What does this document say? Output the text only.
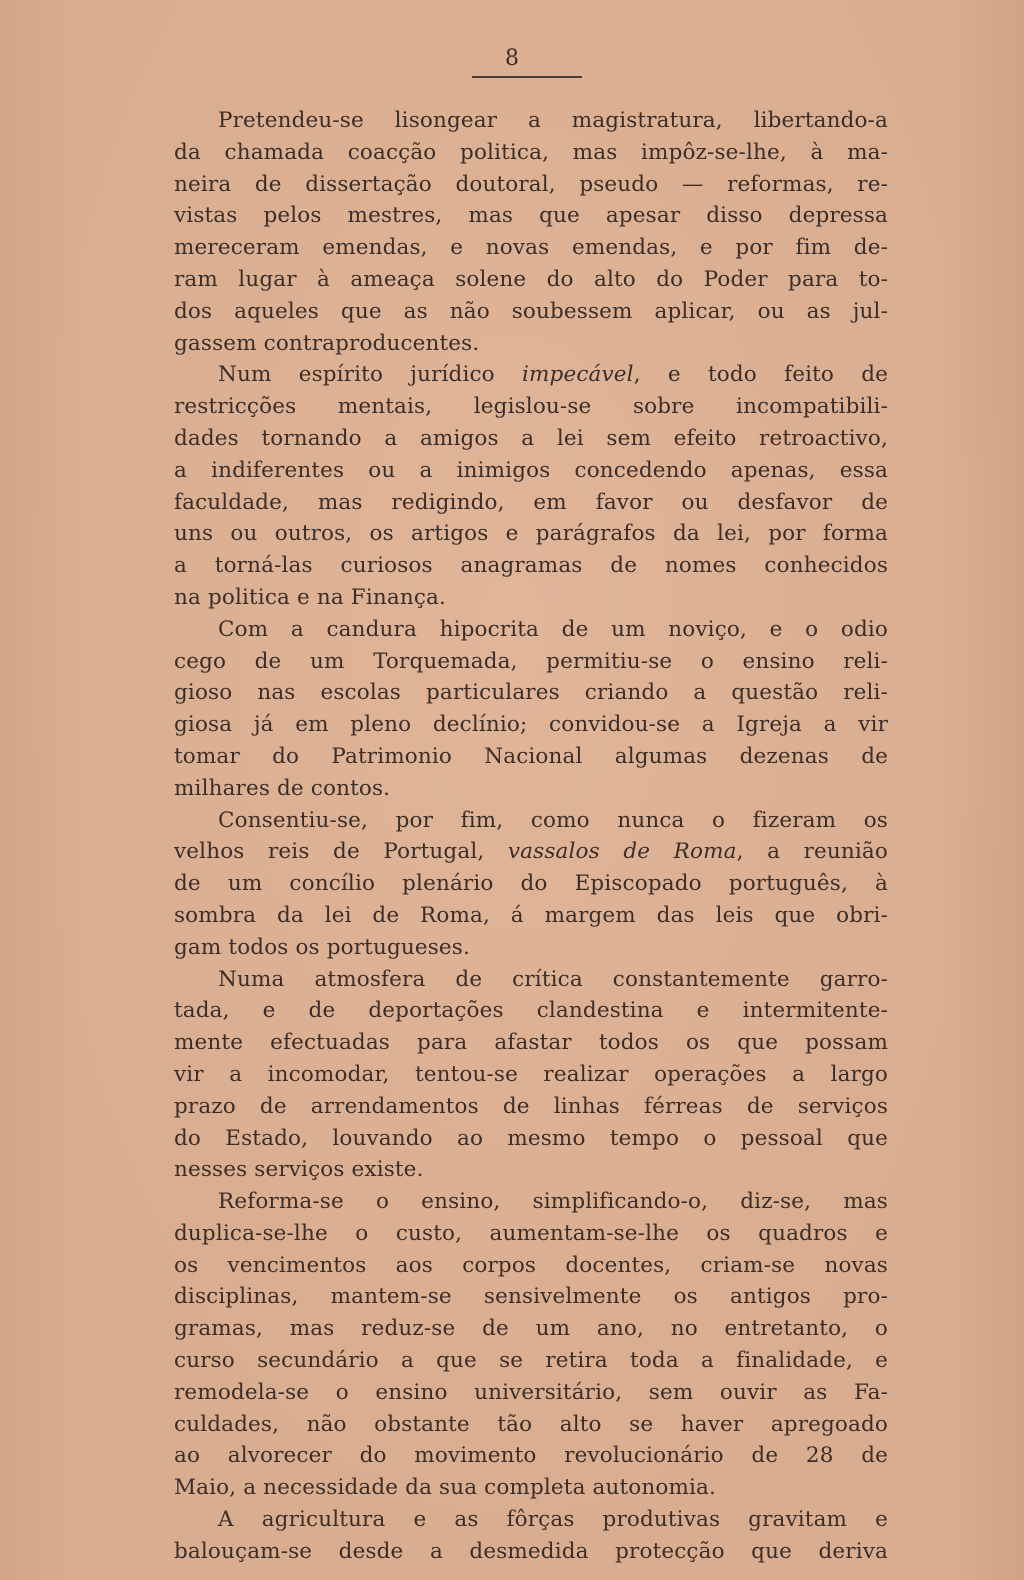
8
Pretendeu-se lisongear a magistratura, libertando-a
da chamada coacção politica, mas impôz-se-lhe, à ma-
neira de dissertação doutoral, pseudo — reformas, re-
vistas pelos mestres, mas que apesar disso depressa
mereceram emendas, e novas emendas, e por fim de-
ram lugar à ameaça solene do alto do Poder para to-
dos aqueles que as não soubessem aplicar, ou as jul-
gassem contraproducentes.
Num espírito jurídico impecável, e todo feito de
restricções mentais, legislou-se sobre incompatibili-
dades tornando a amigos a lei sem efeito retroactivo,
a indiferentes ou a inimigos concedendo apenas, essa
faculdade, mas redigindo, em favor ou desfavor de
uns ou outros, os artigos e parágrafos da lei, por forma
a torná-las curiosos anagramas de nomes conhecidos
na politica e na Finança.
Com a candura hipocrita de um noviço, e o odio
cego de um Torquemada, permitiu-se o ensino reli-
gioso nas escolas particulares criando a questão reli-
giosa já em pleno declínio; convidou-se a Igreja a vir
tomar do Patrimonio Nacional algumas dezenas de
milhares de contos.
Consentiu-se, por fim, como nunca o fizeram os
velhos reis de Portugal, vassalos de Roma, a reunião
de um concílio plenário do Episcopado português, à
sombra da lei de Roma, á margem das leis que obri-
gam todos os portugueses.
Numa atmosfera de crítica constantemente garro-
tada, e de deportações clandestina e intermitente-
mente efectuadas para afastar todos os que possam
vir a incomodar, tentou-se realizar operações a largo
prazo de arrendamentos de linhas férreas de serviços
do Estado, louvando ao mesmo tempo o pessoal que
nesses serviços existe.
Reforma-se o ensino, simplificando-o, diz-se, mas
duplica-se-lhe o custo, aumentam-se-lhe os quadros e
os vencimentos aos corpos docentes, criam-se novas
disciplinas, mantem-se sensivelmente os antigos pro-
gramas, mas reduz-se de um ano, no entretanto, o
curso secundário a que se retira toda a finalidade, e
remodela-se o ensino universitário, sem ouvir as Fa-
culdades, não obstante tão alto se haver apregoado
ao alvorecer do movimento revolucionário de 28 de
Maio, a necessidade da sua completa autonomia.
A agricultura e as fôrças produtivas gravitam e
balouçam-se desde a desmedida protecção que deriva
